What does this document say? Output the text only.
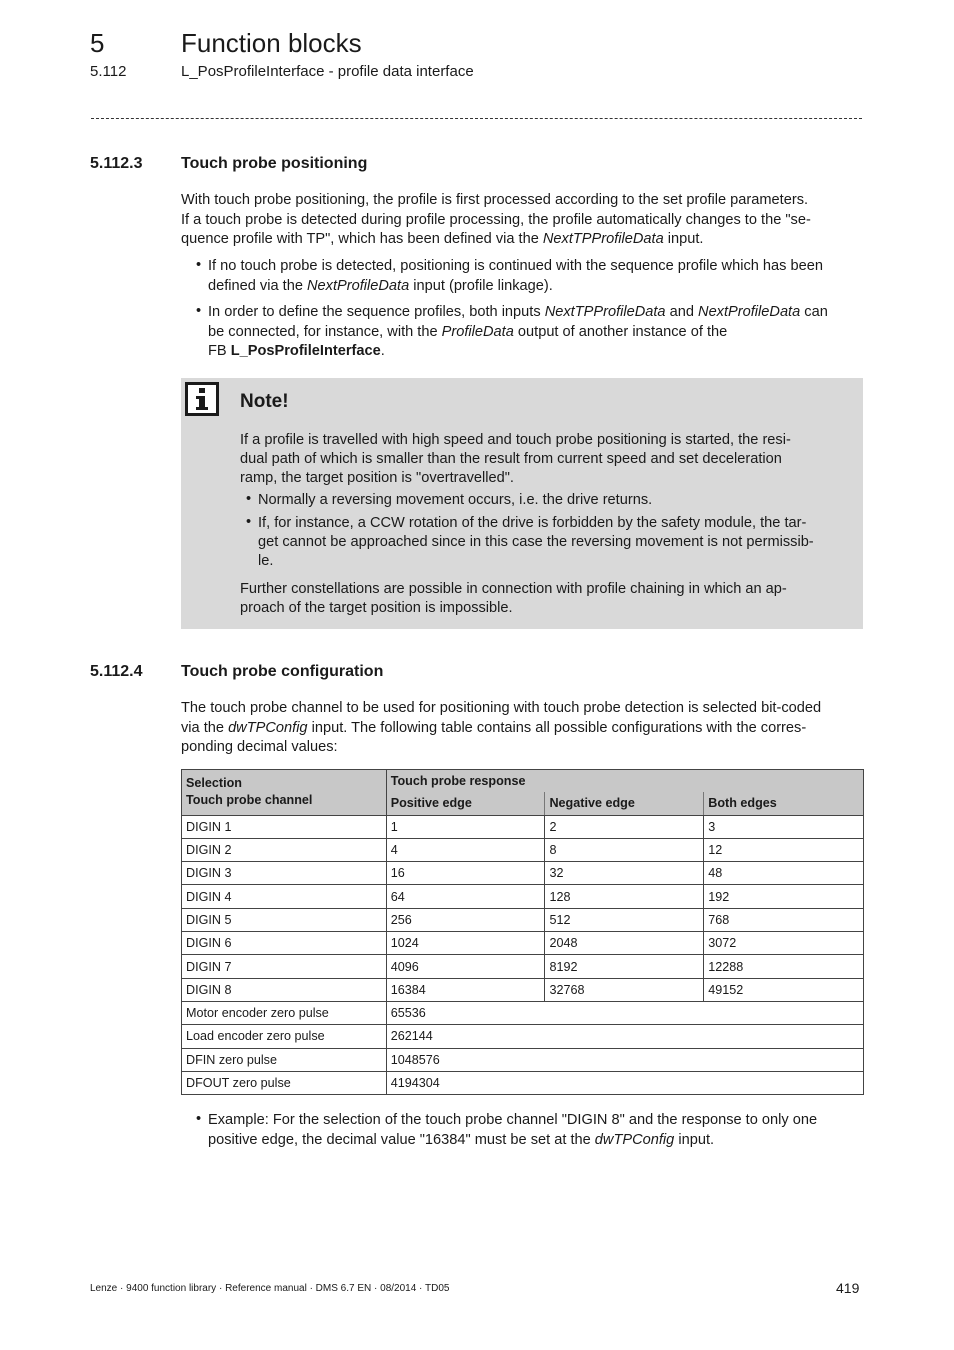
5	Function blocks
5.112	L_PosProfileInterface - profile data interface
5.112.3 Touch probe positioning
With touch probe positioning, the profile is first processed according to the set profile parameters.
If a touch probe is detected during profile processing, the profile automatically changes to the "se-
quence profile with TP", which has been defined via the NextTPProfileData input.
• If no touch probe is detected, positioning is continued with the sequence profile which has been
defined via the NextProfileData input (profile linkage).
• In order to define the sequence profiles, both inputs NextTPProfileData and NextProfileData can
be connected, for instance, with the ProfileData output of another instance of the
FB L_PosProfileInterface.
Note!
If a profile is travelled with high speed and touch probe positioning is started, the resi-
dual path of which is smaller than the result from current speed and set deceleration
ramp, the target position is "overtravelled".
• Normally a reversing movement occurs, i.e. the drive returns.
• If, for instance, a CCW rotation of the drive is forbidden by the safety module, the tar-
get cannot be approached since in this case the reversing movement is not permissib-
le.
Further constellations are possible in connection with profile chaining in which an ap-
proach of the target position is impossible.
5.112.4 Touch probe configuration
The touch probe channel to be used for positioning with touch probe detection is selected bit-coded
via the dwTPConfig input. The following table contains all possible configurations with the corres-
ponding decimal values:
Selection
Touch probe channel	Touch probe response		
	Positive edge	Negative edge	Both edges
DIGIN 1	1	2	3
DIGIN 2	4	8	12
DIGIN 3	16	32	48
DIGIN 4	64	128	192
DIGIN 5	256	512	768
DIGIN 6	1024	2048	3072
DIGIN 7	4096	8192	12288
DIGIN 8	16384	32768	49152
Motor encoder zero pulse	65536		
Load encoder zero pulse	262144		
DFIN zero pulse	1048576		
DFOUT zero pulse	4194304		
• Example: For the selection of the touch probe channel "DIGIN 8" and the response to only one
positive edge, the decimal value "16384" must be set at the dwTPConfig input.
Lenze · 9400 function library · Reference manual · DMS 6.7 EN · 08/2014 · TD05	419
